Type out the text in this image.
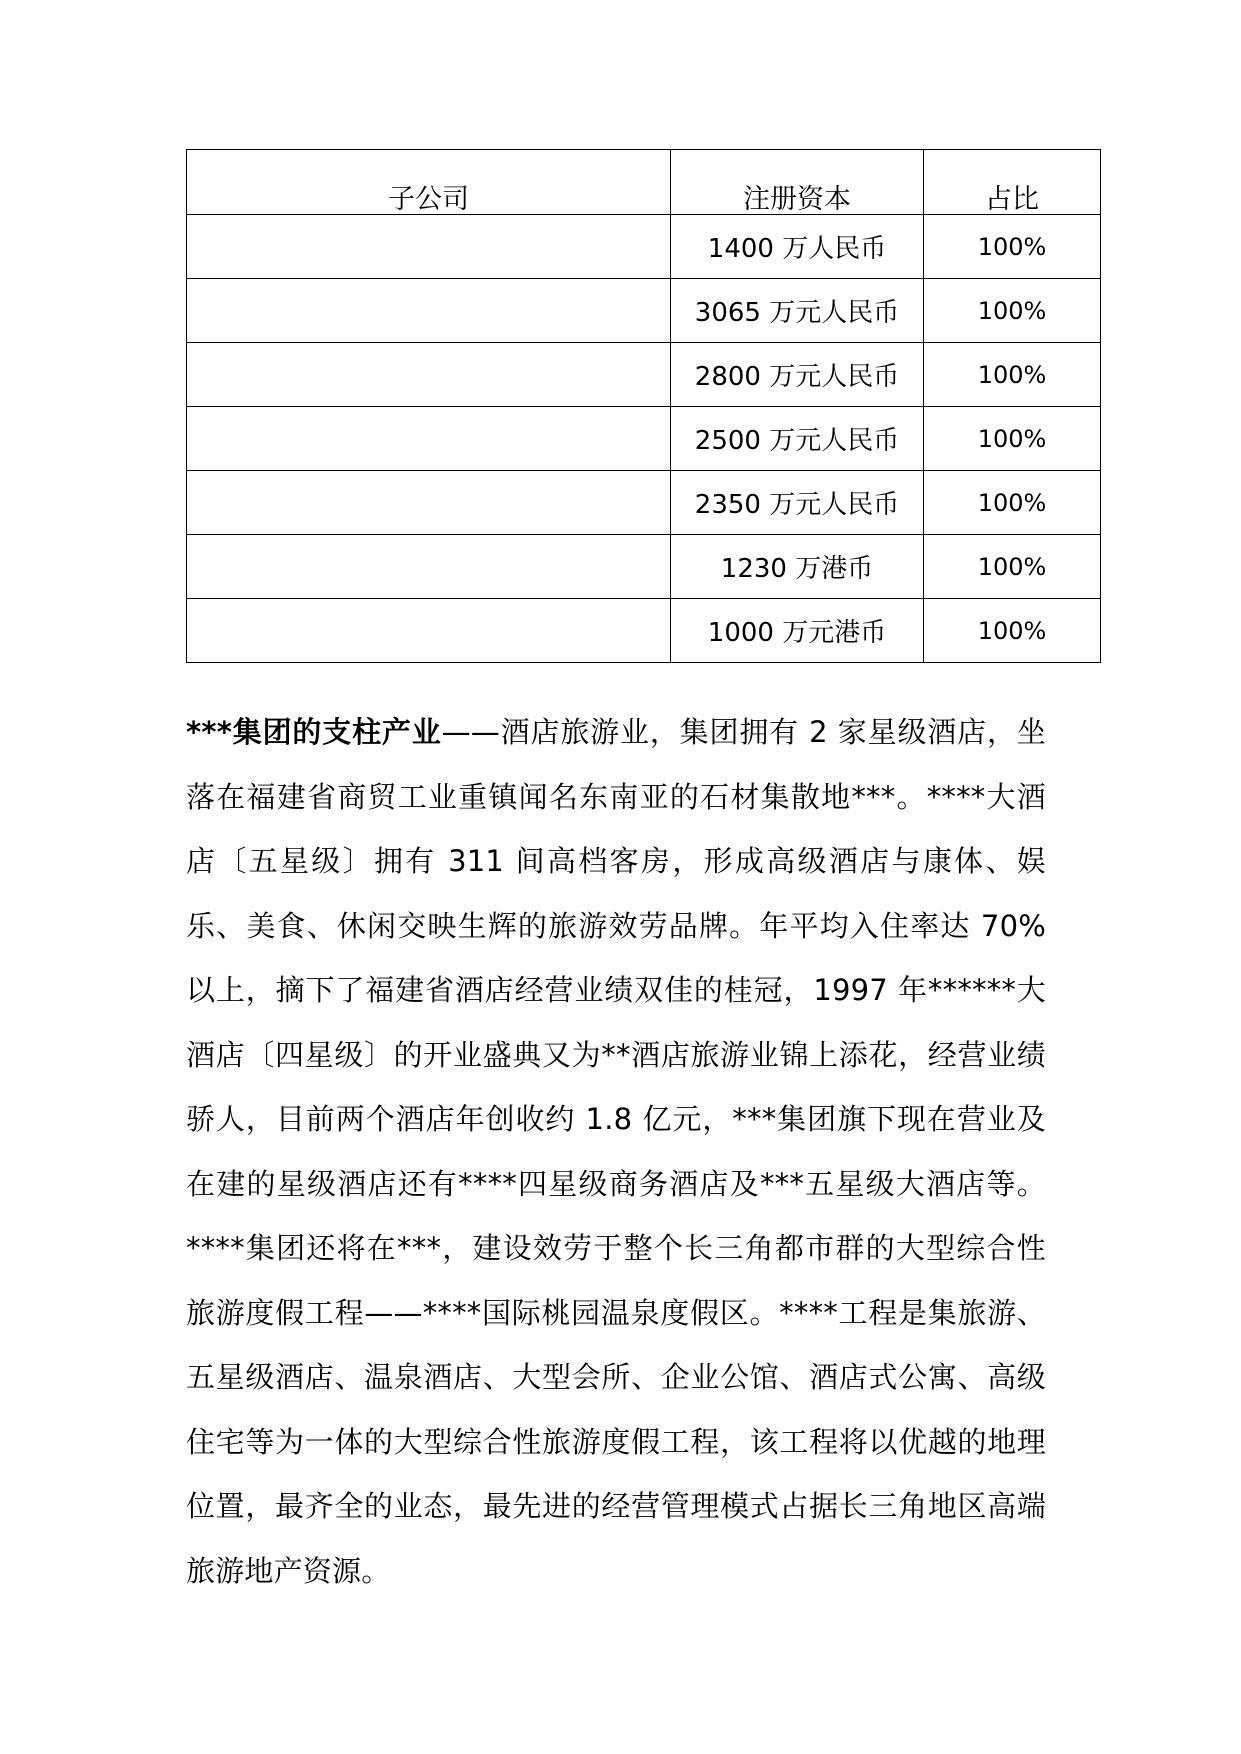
子公司	注册资本	占比
	1400 万人民币	100%
	3065 万元人民币	100%
	2800 万元人民币	100%
	2500 万元人民币	100%
	2350 万元人民币	100%
	1230 万港币	100%
	1000 万元港币	100%

***集团的支柱产业——酒店旅游业，集团拥有 2 家星级酒店，坐落在福建省商贸工业重镇闻名东南亚的石材集散地***。****大酒店〔五星级〕拥有 311 间高档客房，形成高级酒店与康体、娱乐、美食、休闲交映生辉的旅游效劳品牌。年平均入住率达 70%以上，摘下了福建省酒店经营业绩双佳的桂冠，1997 年******大酒店〔四星级〕的开业盛典又为**酒店旅游业锦上添花，经营业绩骄人，目前两个酒店年创收约 1.8 亿元，***集团旗下现在营业及在建的星级酒店还有****四星级商务酒店及***五星级大酒店等。****集团还将在***，建设效劳于整个长三角都市群的大型综合性旅游度假工程——****国际桃园温泉度假区。****工程是集旅游、五星级酒店、温泉酒店、大型会所、企业公馆、酒店式公寓、高级住宅等为一体的大型综合性旅游度假工程，该工程将以优越的地理位置，最齐全的业态，最先进的经营管理模式占据长三角地区高端旅游地产资源。
